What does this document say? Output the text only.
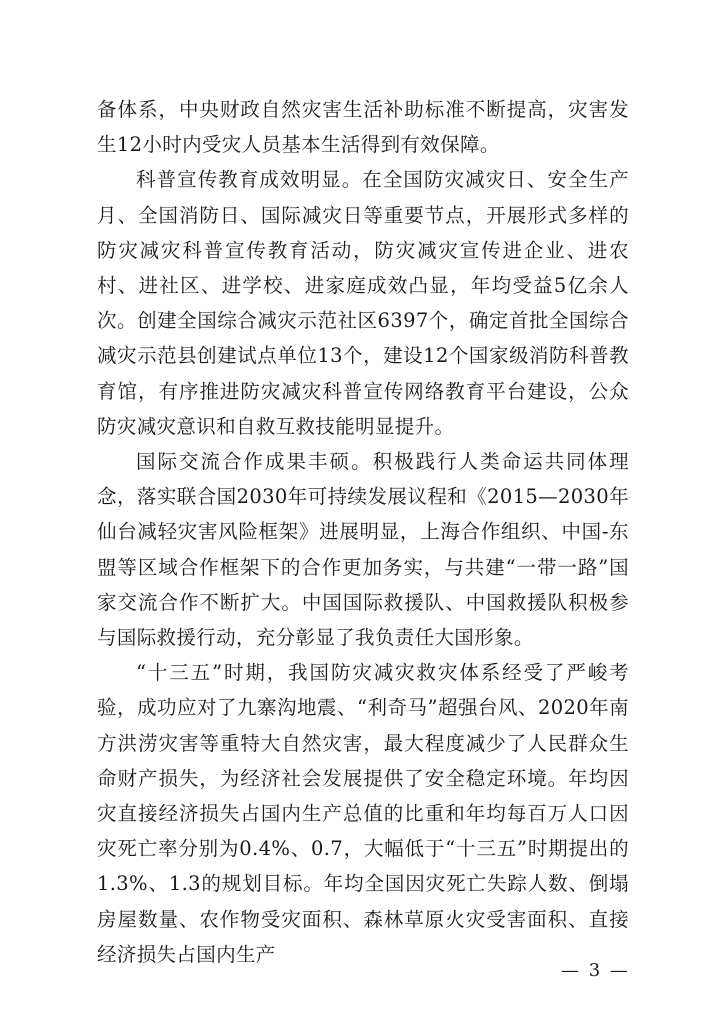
备体系，中央财政自然灾害生活补助标准不断提高，灾害发生12小时内受灾人员基本生活得到有效保障。

科普宣传教育成效明显。在全国防灾减灾日、安全生产月、全国消防日、国际减灾日等重要节点，开展形式多样的防灾减灾科普宣传教育活动，防灾减灾宣传进企业、进农村、进社区、进学校、进家庭成效凸显，年均受益5亿余人次。创建全国综合减灾示范社区6397个，确定首批全国综合减灾示范县创建试点单位13个，建设12个国家级消防科普教育馆，有序推进防灾减灾科普宣传网络教育平台建设，公众防灾减灾意识和自救互救技能明显提升。

国际交流合作成果丰硕。积极践行人类命运共同体理念，落实联合国2030年可持续发展议程和《2015—2030年仙台减轻灾害风险框架》进展明显，上海合作组织、中国-东盟等区域合作框架下的合作更加务实，与共建“一带一路”国家交流合作不断扩大。中国国际救援队、中国救援队积极参与国际救援行动，充分彰显了我负责任大国形象。

“十三五”时期，我国防灾减灾救灾体系经受了严峻考验，成功应对了九寨沟地震、“利奇马”超强台风、2020年南方洪涝灾害等重特大自然灾害，最大程度减少了人民群众生命财产损失，为经济社会发展提供了安全稳定环境。年均因灾直接经济损失占国内生产总值的比重和年均每百万人口因灾死亡率分别为0.4%、0.7，大幅低于“十三五”时期提出的1.3%、1.3的规划目标。年均全国因灾死亡失踪人数、倒塌房屋数量、农作物受灾面积、森林草原火灾受害面积、直接经济损失占国内生产

— 3 —
